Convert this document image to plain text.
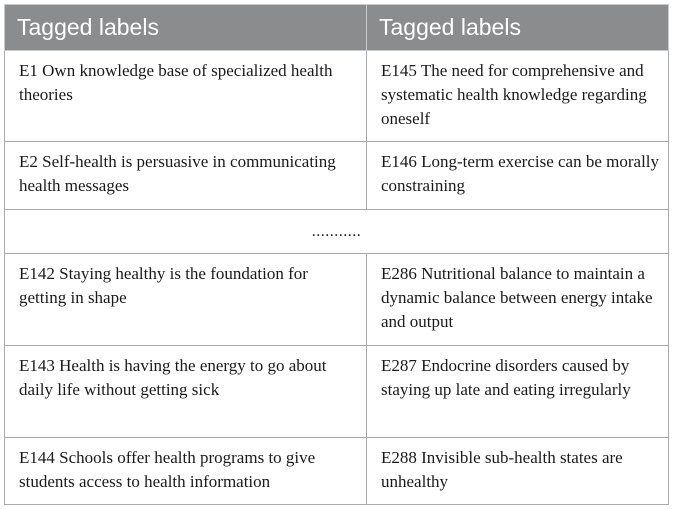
Tagged labels	Tagged labels
E1 Own knowledge base of specialized health theories	E145 The need for comprehensive and systematic health knowledge regarding oneself
E2 Self-health is persuasive in communicating health messages	E146 Long-term exercise can be morally constraining
...........	
E142 Staying healthy is the foundation for getting in shape	E286 Nutritional balance to maintain a dynamic balance between energy intake and output
E143 Health is having the energy to go about daily life without getting sick	E287 Endocrine disorders caused by staying up late and eating irregularly
E144 Schools offer health programs to give students access to health information	E288 Invisible sub-health states are unhealthy
